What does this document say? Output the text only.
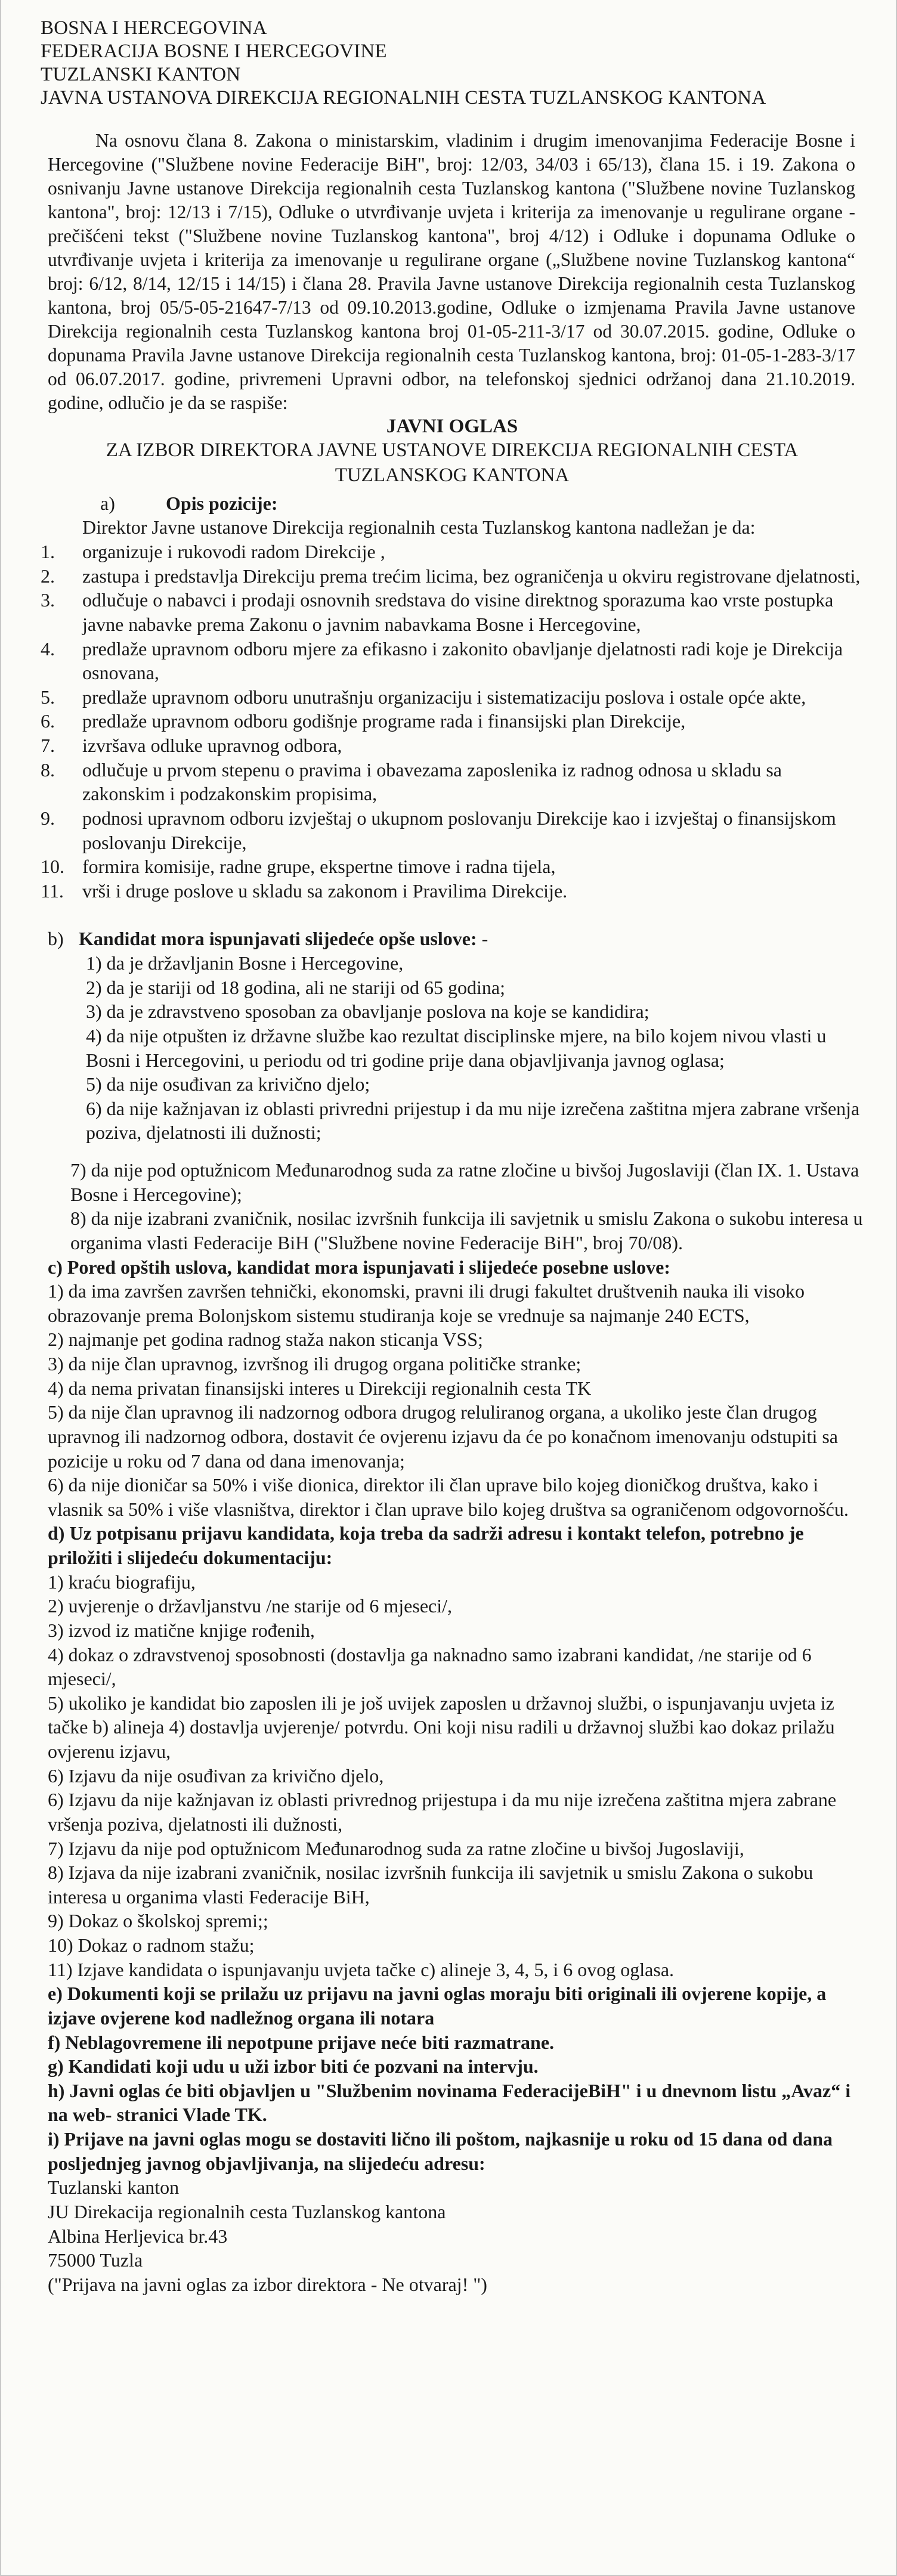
BOSNA I HERCEGOVINA
FEDERACIJA BOSNE I HERCEGOVINE
TUZLANSKI KANTON
JAVNA USTANOVA DIREKCIJA REGIONALNIH CESTA TUZLANSKOG KANTONA
Na osnovu člana 8. Zakona o ministarskim, vladinim i drugim imenovanjima Federacije Bosne i Hercegovine ("Službene novine Federacije BiH", broj: 12/03, 34/03 i 65/13), člana 15. i 19. Zakona o osnivanju Javne ustanove Direkcija regionalnih cesta Tuzlanskog kantona ("Službene novine Tuzlanskog kantona", broj: 12/13 i 7/15), Odluke o utvrđivanje uvjeta i kriterija za imenovanje u regulirane organe -prečišćeni tekst ("Službene novine Tuzlanskog kantona", broj 4/12) i Odluke i dopunama Odluke o utvrđivanje uvjeta i kriterija za imenovanje u regulirane organe („Službene novine Tuzlanskog kantona“ broj: 6/12, 8/14, 12/15 i 14/15) i člana 28. Pravila Javne ustanove Direkcija regionalnih cesta Tuzlanskog kantona, broj 05/5-05-21647-7/13 od 09.10.2013.godine, Odluke o izmjenama Pravila Javne ustanove Direkcija regionalnih cesta Tuzlanskog kantona broj 01-05-211-3/17 od 30.07.2015. godine, Odluke o dopunama Pravila Javne ustanove Direkcija regionalnih cesta Tuzlanskog kantona, broj: 01-05-1-283-3/17 od 06.07.2017. godine, privremeni Upravni odbor, na telefonskoj sjednici održanoj dana 21.10.2019. godine, odlučio je da se raspiše:
JAVNI OGLAS
ZA IZBOR DIREKTORA JAVNE USTANOVE DIREKCIJA REGIONALNIH CESTA
TUZLANSKOG KANTONA
a)	Opis pozicije:
Direktor Javne ustanove Direkcija regionalnih cesta Tuzlanskog kantona nadležan je da:
1.	organizuje i rukovodi radom Direkcije ,
2.	zastupa i predstavlja Direkciju prema trećim licima, bez ograničenja u okviru registrovane djelatnosti,
3.	odlučuje o nabavci i prodaji osnovnih sredstava do visine direktnog sporazuma kao vrste postupka javne nabavke prema Zakonu o javnim nabavkama Bosne i Hercegovine,
4.	predlaže upravnom odboru mjere za efikasno i zakonito obavljanje djelatnosti radi koje je Direkcija osnovana,
5.	predlaže upravnom odboru unutrašnju organizaciju i sistematizaciju poslova i ostale opće akte,
6.	predlaže upravnom odboru godišnje programe rada i finansijski plan Direkcije,
7.	izvršava odluke upravnog odbora,
8.	odlučuje u prvom stepenu o pravima i obavezama zaposlenika iz radnog odnosa u skladu sa zakonskim i podzakonskim propisima,
9.	podnosi upravnom odboru izvještaj o ukupnom poslovanju Direkcije kao i izvještaj o finansijskom poslovanju Direkcije,
10. formira komisije, radne grupe, ekspertne timove i radna tijela,
11. vrši i druge poslove u skladu sa zakonom i Pravilima Direkcije.
b) Kandidat mora ispunjavati slijedeće opše uslove: -
1) da je državljanin Bosne i Hercegovine,
2) da je stariji od 18 godina, ali ne stariji od 65 godina;
3) da je zdravstveno sposoban za obavljanje poslova na koje se kandidira;
4) da nije otpušten iz državne službe kao rezultat disciplinske mjere, na bilo kojem nivou vlasti u Bosni i Hercegovini, u periodu od tri godine prije dana objavljivanja javnog oglasa;
5) da nije osuđivan za krivično djelo;
6) da nije kažnjavan iz oblasti privredni prijestup i da mu nije izrečena zaštitna mjera zabrane vršenja poziva, djelatnosti ili dužnosti;
7) da nije pod optužnicom Međunarodnog suda za ratne zločine u bivšoj Jugoslaviji (član IX. 1. Ustava Bosne i Hercegovine);
8) da nije izabrani zvaničnik, nosilac izvršnih funkcija ili savjetnik u smislu Zakona o sukobu interesa u organima vlasti Federacije BiH ("Službene novine Federacije BiH", broj 70/08).
c) Pored opštih uslova, kandidat mora ispunjavati i slijedeće posebne uslove:
1) da ima završen završen tehnički, ekonomski, pravni ili drugi fakultet društvenih nauka ili visoko obrazovanje prema Bolonjskom sistemu studiranja koje se vrednuje sa najmanje 240 ECTS,
2) najmanje pet godina radnog staža nakon sticanja VSS;
3) da nije član upravnog, izvršnog ili drugog organa političke stranke;
4) da nema privatan finansijski interes u Direkciji regionalnih cesta TK
5) da nije član upravnog ili nadzornog odbora drugog reluliranog organa, a ukoliko jeste član drugog upravnog ili nadzornog odbora, dostavit će ovjerenu izjavu da će po konačnom imenovanju odstupiti sa pozicije u roku od 7 dana od dana imenovanja;
6) da nije dioničar sa 50% i više dionica, direktor ili član uprave bilo kojeg dioničkog društva, kako i vlasnik sa 50% i više vlasništva, direktor i član uprave bilo kojeg društva sa ograničenom odgovornošću.
d) Uz potpisanu prijavu kandidata, koja treba da sadrži adresu i kontakt telefon, potrebno je priložiti i slijedeću dokumentaciju:
1) kraću biografiju,
2) uvjerenje o državljanstvu /ne starije od 6 mjeseci/,
3) izvod iz matične knjige rođenih,
4) dokaz o zdravstvenoj sposobnosti (dostavlja ga naknadno samo izabrani kandidat, /ne starije od 6 mjeseci/,
5) ukoliko je kandidat bio zaposlen ili je još uvijek zaposlen u državnoj službi, o ispunjavanju uvjeta iz tačke b) alineja 4) dostavlja uvjerenje/ potvrdu. Oni koji nisu radili u državnoj službi kao dokaz prilažu ovjerenu izjavu,
6) Izjavu da nije osuđivan za krivično djelo,
6) Izjavu da nije kažnjavan iz oblasti privrednog prijestupa i da mu nije izrečena zaštitna mjera zabrane vršenja poziva, djelatnosti ili dužnosti,
7) Izjavu da nije pod optužnicom Međunarodnog suda za ratne zločine u bivšoj Jugoslaviji,
8) Izjava da nije izabrani zvaničnik, nosilac izvršnih funkcija ili savjetnik u smislu Zakona o sukobu interesa u organima vlasti Federacije BiH,
9) Dokaz o školskoj spremi;;
10) Dokaz o radnom stažu;
11) Izjave kandidata o ispunjavanju uvjeta tačke c) alineje 3, 4, 5, i 6 ovog oglasa.
e) Dokumenti koji se prilažu uz prijavu na javni oglas moraju biti originali ili ovjerene kopije, a izjave ovjerene kod nadležnog organa ili notara
f) Neblagovremene ili nepotpune prijave neće biti razmatrane.
g) Kandidati koji udu u uži izbor biti će pozvani na intervju.
h) Javni oglas će biti objavljen u "Službenim novinama FederacijeBiH" i u dnevnom listu „Avaz“ i na web- stranici Vlade TK.
i) Prijave na javni oglas mogu se dostaviti lično ili poštom, najkasnije u roku od 15 dana od dana posljednjeg javnog objavljivanja, na slijedeću adresu:
Tuzlanski kanton
JU Direkacija regionalnih cesta Tuzlanskog kantona
Albina Herljevica br.43
75000 Tuzla
("Prijava na javni oglas za izbor direktora - Ne otvaraj! ")
